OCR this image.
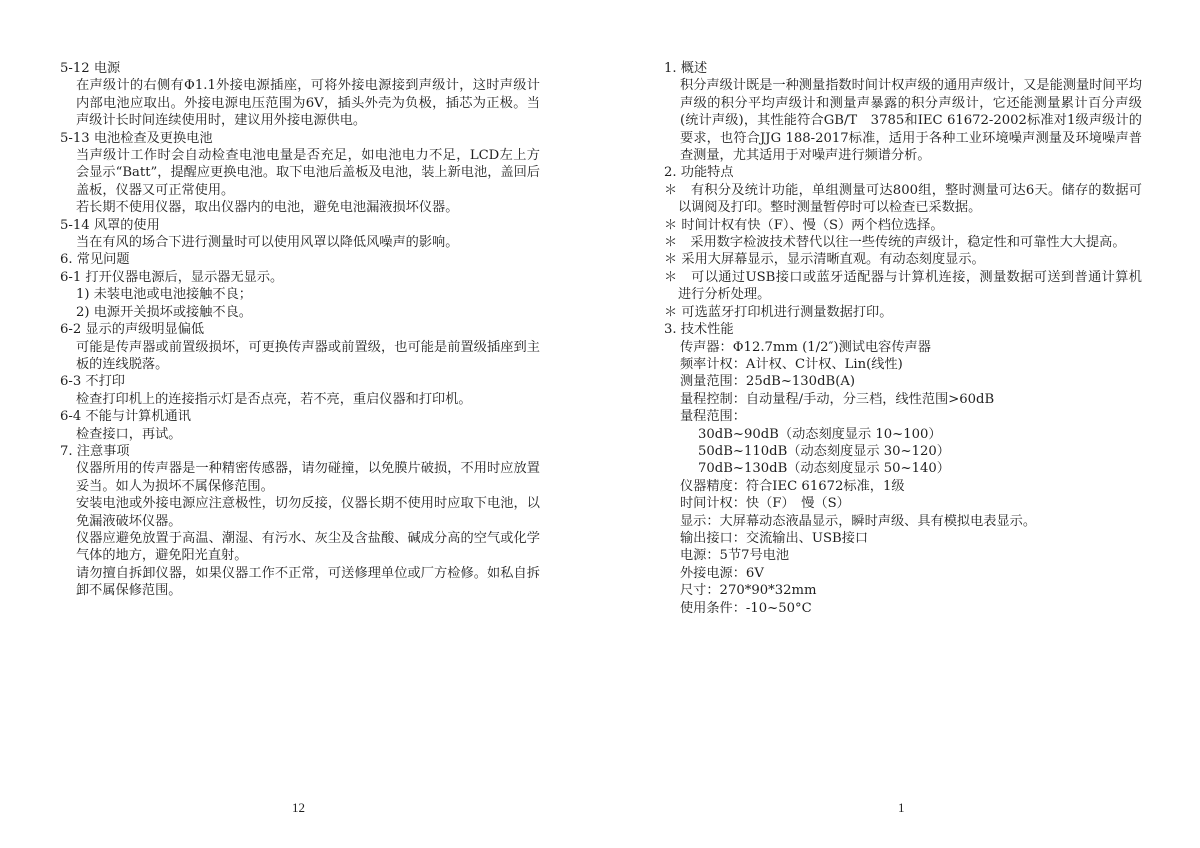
5-12 电源
在声级计的右侧有Φ1.1外接电源插座，可将外接电源接到声级计，这时声级计内部电池应取出。外接电源电压范围为6V，插头外壳为负极，插芯为正极。当声级计长时间连续使用时，建议用外接电源供电。
5-13 电池检查及更换电池
当声级计工作时会自动检查电池电量是否充足，如电池电力不足，LCD左上方会显示“Batt”，提醒应更换电池。取下电池后盖板及电池，装上新电池，盖回后盖板，仪器又可正常使用。
若长期不使用仪器，取出仪器内的电池，避免电池漏液损坏仪器。
5-14 风罩的使用
当在有风的场合下进行测量时可以使用风罩以降低风噪声的影响。
6. 常见问题
6-1 打开仪器电源后，显示器无显示。
1) 未装电池或电池接触不良；
2) 电源开关损坏或接触不良。
6-2 显示的声级明显偏低
可能是传声器或前置级损坏，可更换传声器或前置级，也可能是前置级插座到主板的连线脱落。
6-3 不打印
检查打印机上的连接指示灯是否点亮，若不亮，重启仪器和打印机。
6-4 不能与计算机通讯
检查接口，再试。
7. 注意事项
仪器所用的传声器是一种精密传感器，请勿碰撞，以免膜片破损，不用时应放置妥当。如人为损坏不属保修范围。
安装电池或外接电源应注意极性，切勿反接，仪器长期不使用时应取下电池，以免漏液破坏仪器。
仪器应避免放置于高温、潮湿、有污水、灰尘及含盐酸、碱成分高的空气或化学气体的地方，避免阳光直射。
请勿擅自拆卸仪器，如果仪器工作不正常，可送修理单位或厂方检修。如私自拆卸不属保修范围。
1. 概述
积分声级计既是一种测量指数时间计权声级的通用声级计，又是能测量时间平均声级的积分平均声级计和测量声暴露的积分声级计，它还能测量累计百分声级(统计声级)，其性能符合GB/T　3785和IEC 61672-2002标准对1级声级计的要求，也符合JJG 188-2017标准，适用于各种工业环境噪声测量及环境噪声普查测量，尤其适用于对噪声进行频谱分析。
2. 功能特点
＊　有积分及统计功能，单组测量可达800组，整时测量可达6天。储存的数据可以调阅及打印。整时测量暂停时可以检查已采数据。
＊ 时间计权有快（F）、慢（S）两个档位选择。
＊　采用数字检波技术替代以往一些传统的声级计，稳定性和可靠性大大提高。
＊ 采用大屏幕显示，显示清晰直观。有动态刻度显示。
＊　可以通过USB接口或蓝牙适配器与计算机连接，测量数据可送到普通计算机进行分析处理。
＊ 可选蓝牙打印机进行测量数据打印。
3. 技术性能
传声器：Φ12.7mm (1/2″)测试电容传声器
频率计权：A计权、C计权、Lin(线性)
测量范围：25dB~130dB(A)
量程控制：自动量程/手动，分三档，线性范围>60dB
量程范围：
30dB~90dB（动态刻度显示 10~100）
50dB~110dB（动态刻度显示 30~120）
70dB~130dB（动态刻度显示 50~140）
仪器精度：符合IEC 61672标准，1级
时间计权：快（F）　慢（S）
显示：大屏幕动态液晶显示，瞬时声级、具有模拟电表显示。
输出接口：交流输出、USB接口
电源：5节7号电池
外接电源：6V
尺寸：270*90*32mm
使用条件：-10~50°C
12	1
